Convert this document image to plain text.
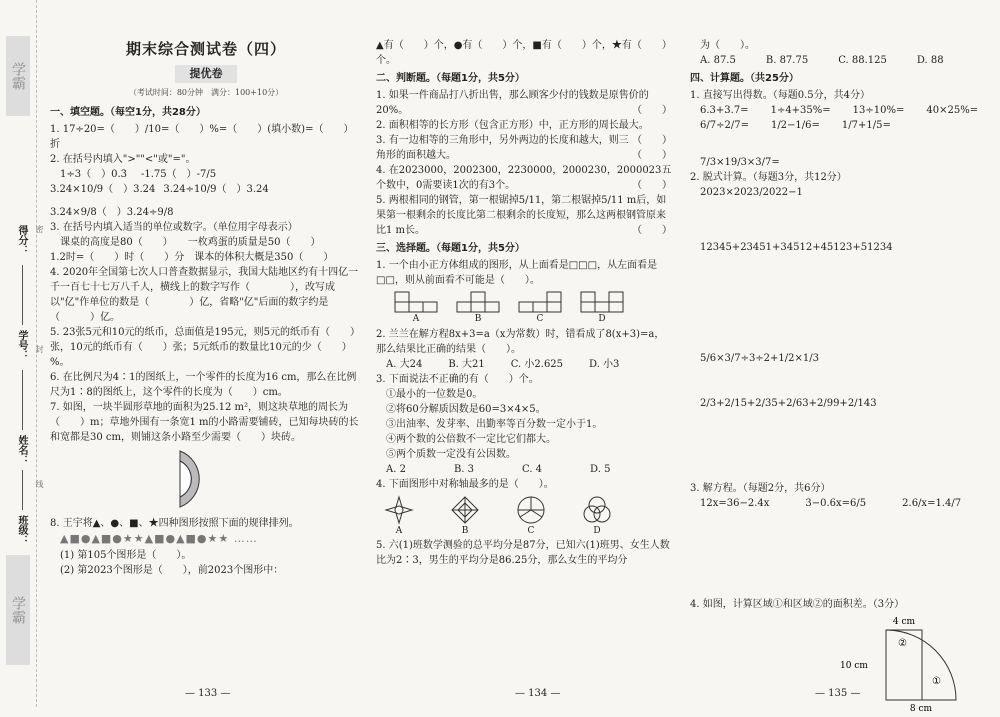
学霸
得分：
学号：
姓名：
班级：
密
封
线
学霸
期末综合测试卷（四）
提优卷
（考试时间：80分钟　满分：100+10分）
一、填空题。（每空1分，共28分）

1. 17÷20=（　　）/10=（　　）%=（　　）(填小数)=（　　）折

2. 在括号内填入">""<"或"="。

1÷3（　）0.3̇ -1.75（　）-7/5
3.24×10/9（　）3.24 3.24÷10/9（　）3.24
3.24×9/8（　）3.24÷9/8

3. 在括号内填入适当的单位或数字。（单位用字母表示）

课桌的高度是80（　　）　　一枚鸡蛋的质量是50（　　）

1.2时=（　　）时（　　）分　课本的体积大概是350（　　）

4. 2020年全国第七次人口普查数据显示，我国大陆地区约有十四亿一千一百七十七万八千人，横线上的数字写作（　　　　），改写成以"亿"作单位的数是（　　　　）亿，省略"亿"后面的数字约是（　　　）亿。

5. 23张5元和10元的纸币，总面值是195元，则5元的纸币有（　　）张，10元的纸币有（　　）张；5元纸币的数量比10元的少（　　）%。

6. 在比例尺为4∶1的图纸上，一个零件的长度为16 cm，那么在比例尺为1∶8的图纸上，这个零件的长度为（　　）cm。

7. 如图，一块半圆形草地的面积为25.12 m²，则这块草地的周长为（　　）m；草地外围有一条宽1 m的小路需要铺砖，已知每块砖的长和宽都是30 cm，则铺这条小路至少需要（　　）块砖。

8. 王宇将▲、●、■、★四种图形按照下面的规律排列。

▲■●▲■●★★▲■●▲■●★★ ……

(1) 第105个图形是（　　）。

(2) 第2023个图形是（　　），前2023个图形中：

— 133 —

▲有（　　）个，●有（　　）个，■有（　　）个，★有（　　）个。

二、判断题。（每题1分，共5分）

1. 如果一件商品打八折出售，那么顾客少付的钱数是原售价的20%。	（　　）

2. 面积相等的长方形（包含正方形）中，正方形的周长最大。
（　　）

3. 有一边相等的三角形中，另外两边的长度和越大，则三角形的面积越大。	（　　）

4. 在2023000，2002300，2230000，2000230，2000023五个数中，0需要读1次的有3个。	（　　）

5. 两根相同的钢管，第一根锯掉5/11，第二根锯掉5/11 m后，如果第一根剩余的长度比第二根剩余的长度短，那么这两根钢管原来比1 m长。	（　　）

三、选择题。（每题1分，共5分）

1. 一个由小正方体组成的图形，从上面看是□□□，从左面看是□□，则从前面看不可能是（　　）。

A	B	C	D

2. 兰兰在解方程8x+3=a（x为常数）时，错看成了8(x+3)=a，那么结果比正确的结果（　　）。

A. 大24	B. 大21	C. 小2.625	D. 小3

3. 下面说法不正确的有（　　）个。

①最小的一位数是0。

②将60分解质因数是60=3×4×5。

③出油率、发芽率、出勤率等百分数一定小于1。

④两个数的公倍数不一定比它们都大。

⑤两个质数一定没有公因数。

A. 2	B. 3	C. 4	D. 5

4. 下面图形中对称轴最多的是（　　）。

A	B	C	D

5. 六(1)班数学测验的总平均分是87分，已知六(1)班男、女生人数比为2∶3，男生的平均分是86.25分，那么女生的平均分

— 134 —

为（　　）。

A. 87.5	B. 87.75	C. 88.125	D. 88
四、计算题。（共25分）

1. 直接写出得数。（每题0.5分，共4分）

6.3+3.7= 1÷4+35%= 13÷10%= 40×25%=
6/7÷2/7= 1/2−1/6= 1/7+1/5=
7/3×19/3×3/7=

2. 脱式计算。（每题3分，共12分）

2023×2023/2022−1
12345+23451+34512+45123+51234
5/6×3/7÷3÷2+1/2×1/3
2/3+2/15+2/35+2/63+2/99+2/143

3. 解方程。（每题2分，共6分）

12x=36−2.4x	3−0.6x=6/5	2.6/x=1.4/7

4. 如图，计算区域①和区域②的面积差。（3分）

4 cm
10 cm
8 cm
①
②
— 135 —
